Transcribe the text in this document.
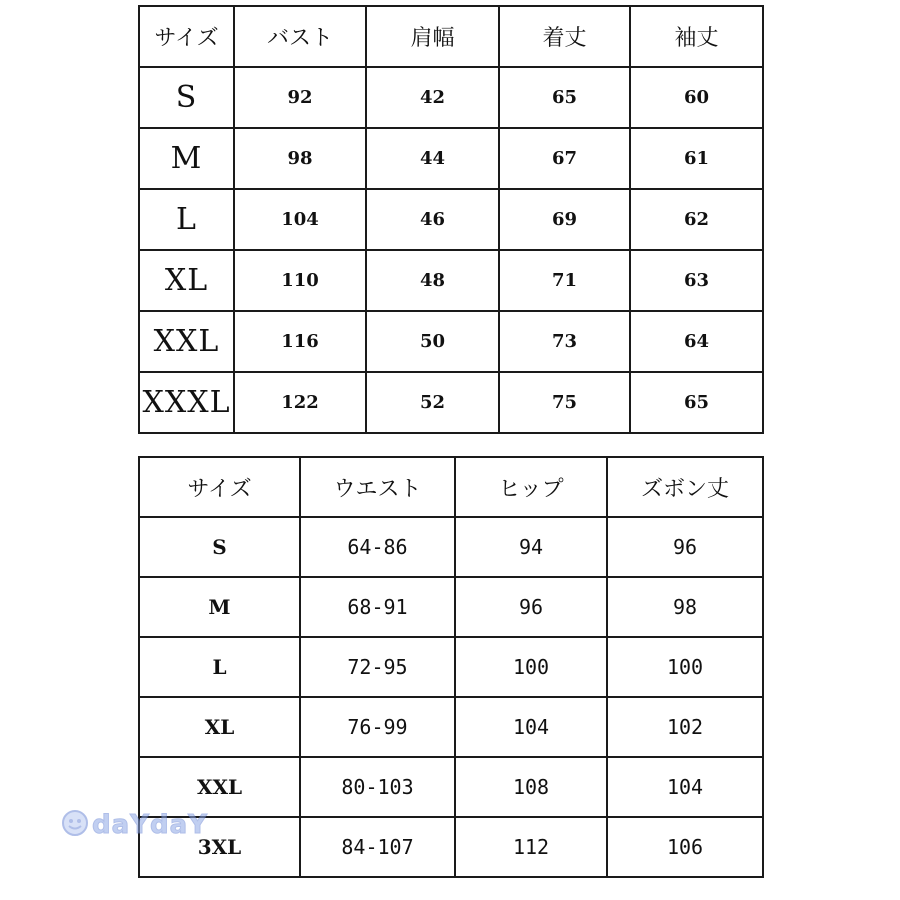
サイズ	バスト	肩幅	着丈	袖丈
S	92	42	65	60
M	98	44	67	61
L	104	46	69	62
XL	110	48	71	63
XXL	116	50	73	64
XXXL	122	52	75	65
サイズ	ウエスト	ヒップ	ズボン丈
S	64-86	94	96
M	68-91	96	98
L	72-95	100	100
XL	76-99	104	102
XXL	80-103	108	104
3XL	84-107	112	106
daYdaY
